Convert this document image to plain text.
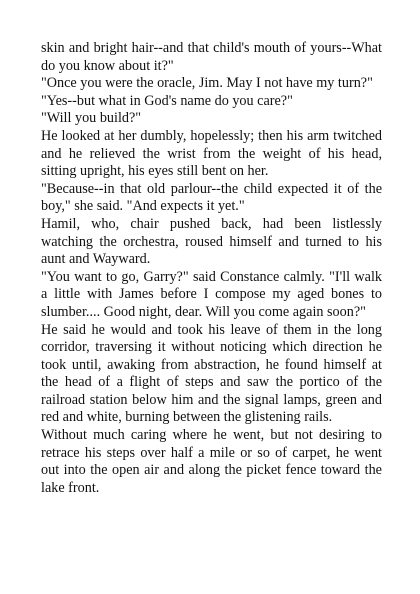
skin and bright hair--and that child's mouth of yours--What do you know about it?"

"Once you were the oracle, Jim. May I not have my turn?"

"Yes--but what in God's name do you care?"

"Will you build?"

He looked at her dumbly, hopelessly; then his arm twitched and he relieved the wrist from the weight of his head, sitting upright, his eyes still bent on her.

"Because--in that old parlour--the child expected it of the boy," she said. "And expects it yet."

Hamil, who, chair pushed back, had been listlessly watching the orchestra, roused himself and turned to his aunt and Wayward.

"You want to go, Garry?" said Constance calmly. "I'll walk a little with James before I compose my aged bones to slumber.... Good night, dear. Will you come again soon?"

He said he would and took his leave of them in the long corridor, traversing it without noticing which direction he took until, awaking from abstraction, he found himself at the head of a flight of steps and saw the portico of the railroad station below him and the signal lamps, green and red and white, burning between the glistening rails.

Without much caring where he went, but not desiring to retrace his steps over half a mile or so of carpet, he went out into the open air and along the picket fence toward the lake front.
